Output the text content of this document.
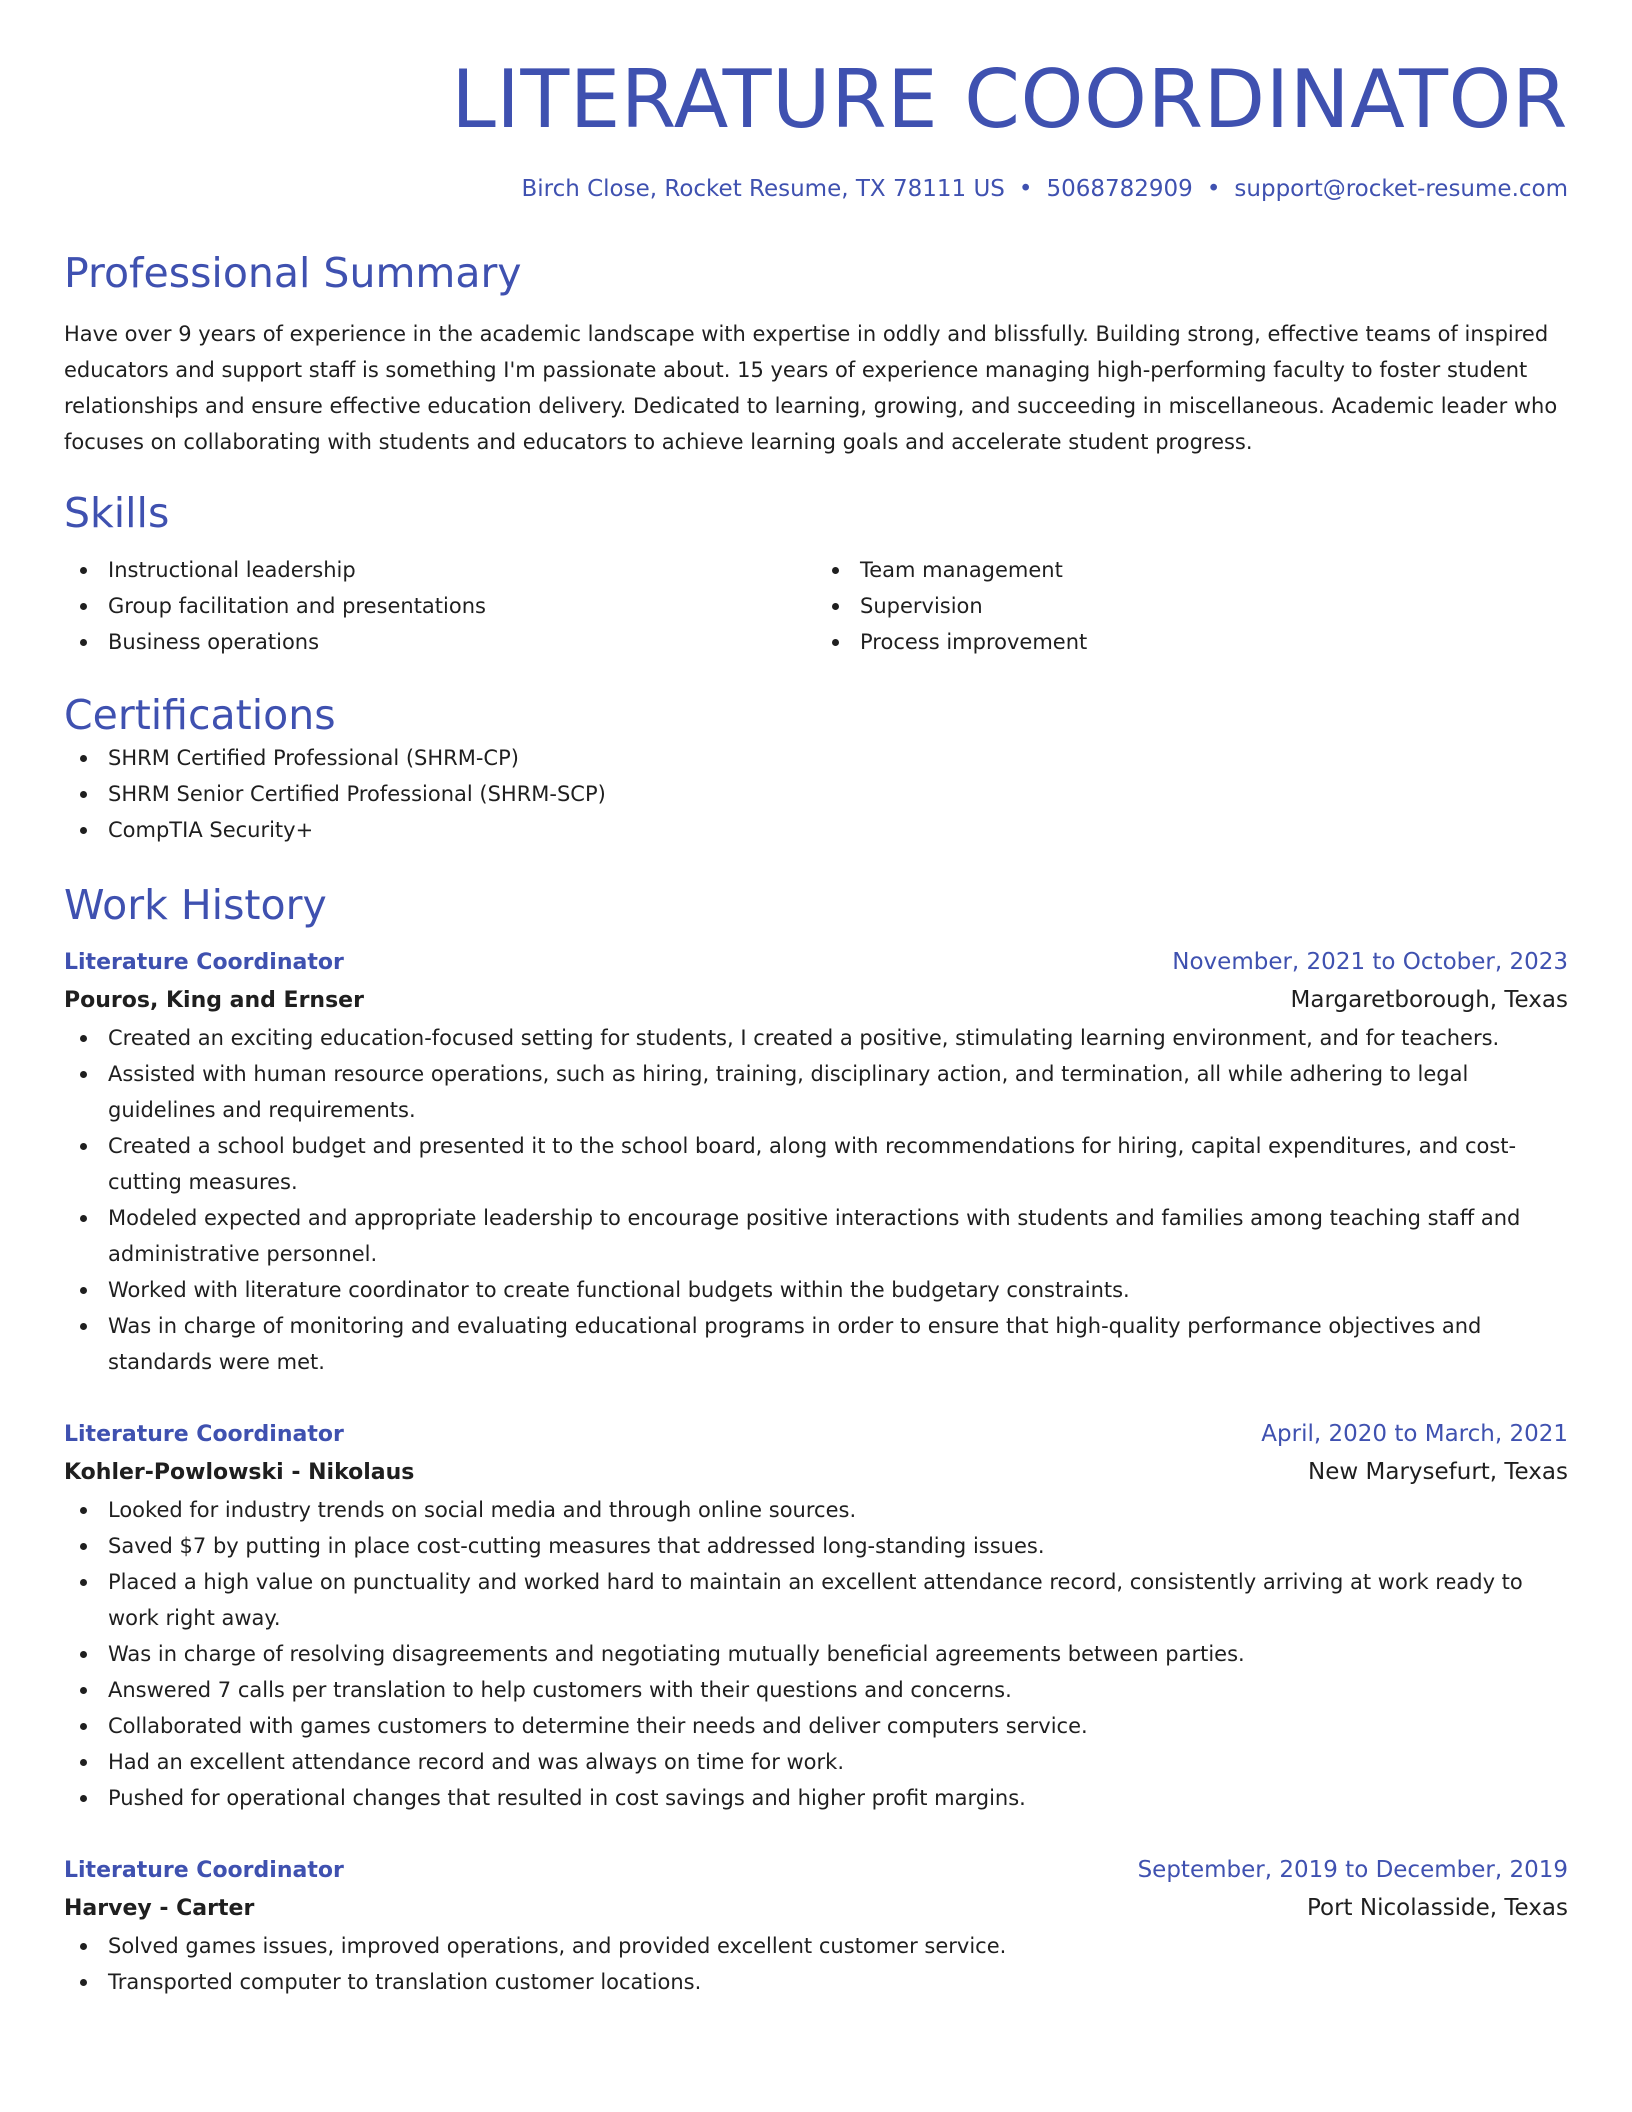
LITERATURE COORDINATOR
Birch Close, Rocket Resume, TX 78111 US • 5068782909 • support@rocket-resume.com
Professional Summary
Have over 9 years of experience in the academic landscape with expertise in oddly and blissfully. Building strong, effective teams of inspired educators and support staff is something I'm passionate about. 15 years of experience managing high-performing faculty to foster student relationships and ensure effective education delivery. Dedicated to learning, growing, and succeeding in miscellaneous. Academic leader who focuses on collaborating with students and educators to achieve learning goals and accelerate student progress.
Skills
Instructional leadership
Group facilitation and presentations
Business operations
Team management
Supervision
Process improvement
Certifications
SHRM Certified Professional (SHRM-CP)
SHRM Senior Certified Professional (SHRM-SCP)
CompTIA Security+
Work History
Literature Coordinator	November, 2021 to October, 2023
Pouros, King and Ernser	Margaretborough, Texas
Created an exciting education-focused setting for students, I created a positive, stimulating learning environment, and for teachers.
Assisted with human resource operations, such as hiring, training, disciplinary action, and termination, all while adhering to legal guidelines and requirements.
Created a school budget and presented it to the school board, along with recommendations for hiring, capital expenditures, and cost-cutting measures.
Modeled expected and appropriate leadership to encourage positive interactions with students and families among teaching staff and administrative personnel.
Worked with literature coordinator to create functional budgets within the budgetary constraints.
Was in charge of monitoring and evaluating educational programs in order to ensure that high-quality performance objectives and standards were met.
Literature Coordinator	April, 2020 to March, 2021
Kohler-Powlowski - Nikolaus	New Marysefurt, Texas
Looked for industry trends on social media and through online sources.
Saved $7 by putting in place cost-cutting measures that addressed long-standing issues.
Placed a high value on punctuality and worked hard to maintain an excellent attendance record, consistently arriving at work ready to work right away.
Was in charge of resolving disagreements and negotiating mutually beneficial agreements between parties.
Answered 7 calls per translation to help customers with their questions and concerns.
Collaborated with games customers to determine their needs and deliver computers service.
Had an excellent attendance record and was always on time for work.
Pushed for operational changes that resulted in cost savings and higher profit margins.
Literature Coordinator	September, 2019 to December, 2019
Harvey - Carter	Port Nicolasside, Texas
Solved games issues, improved operations, and provided excellent customer service.
Transported computer to translation customer locations.
